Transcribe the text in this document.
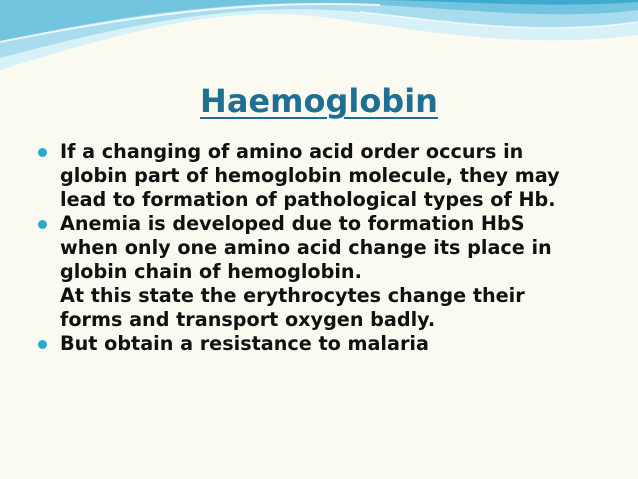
Haemoglobin
If a changing of amino acid order occurs in
globin part of hemoglobin molecule, they may
lead to formation of pathological types of Hb.
Anemia is developed due to formation HbS
when only one amino acid change its place in
globin chain of hemoglobin.
At this state the erythrocytes change their
forms and transport oxygen badly.
But obtain a resistance to malaria
